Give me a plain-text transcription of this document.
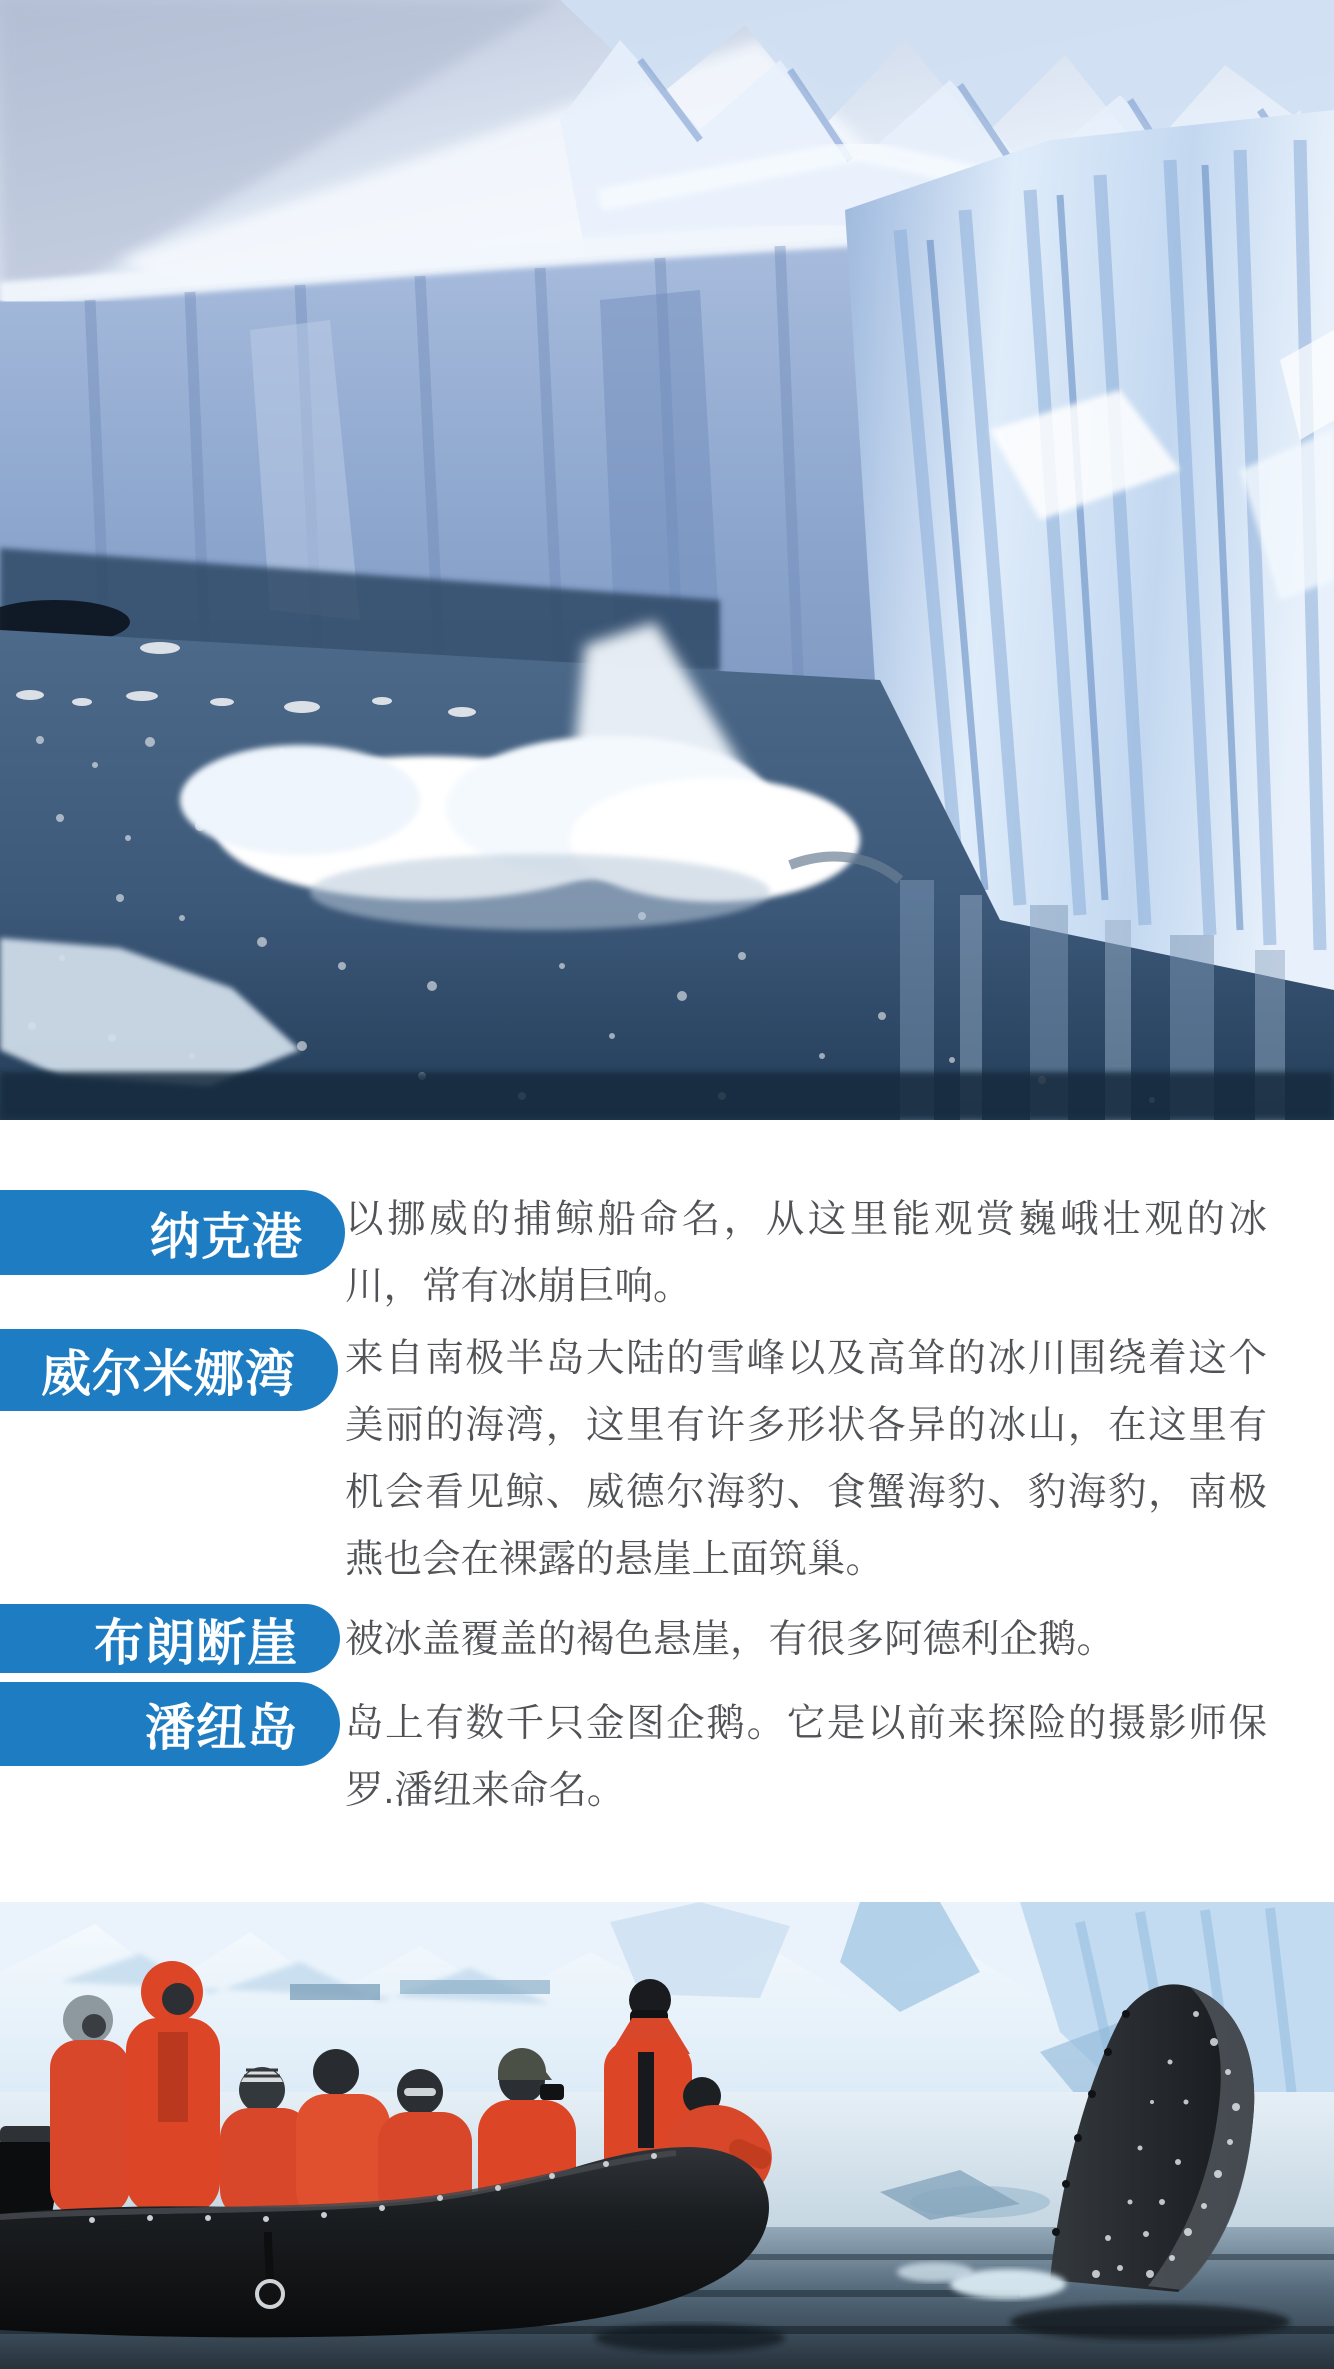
纳克港	以挪威的捕鲸船命名，从这里能观赏巍峨壮观的冰川，常有冰崩巨响。
威尔米娜湾	来自南极半岛大陆的雪峰以及高耸的冰川围绕着这个美丽的海湾，这里有许多形状各异的冰山，在这里有机会看见鲸、威德尔海豹、食蟹海豹、豹海豹，南极燕也会在裸露的悬崖上面筑巢。
布朗断崖	被冰盖覆盖的褐色悬崖，有很多阿德利企鹅。
潘纽岛	岛上有数千只金图企鹅。它是以前来探险的摄影师保罗.潘纽来命名。
